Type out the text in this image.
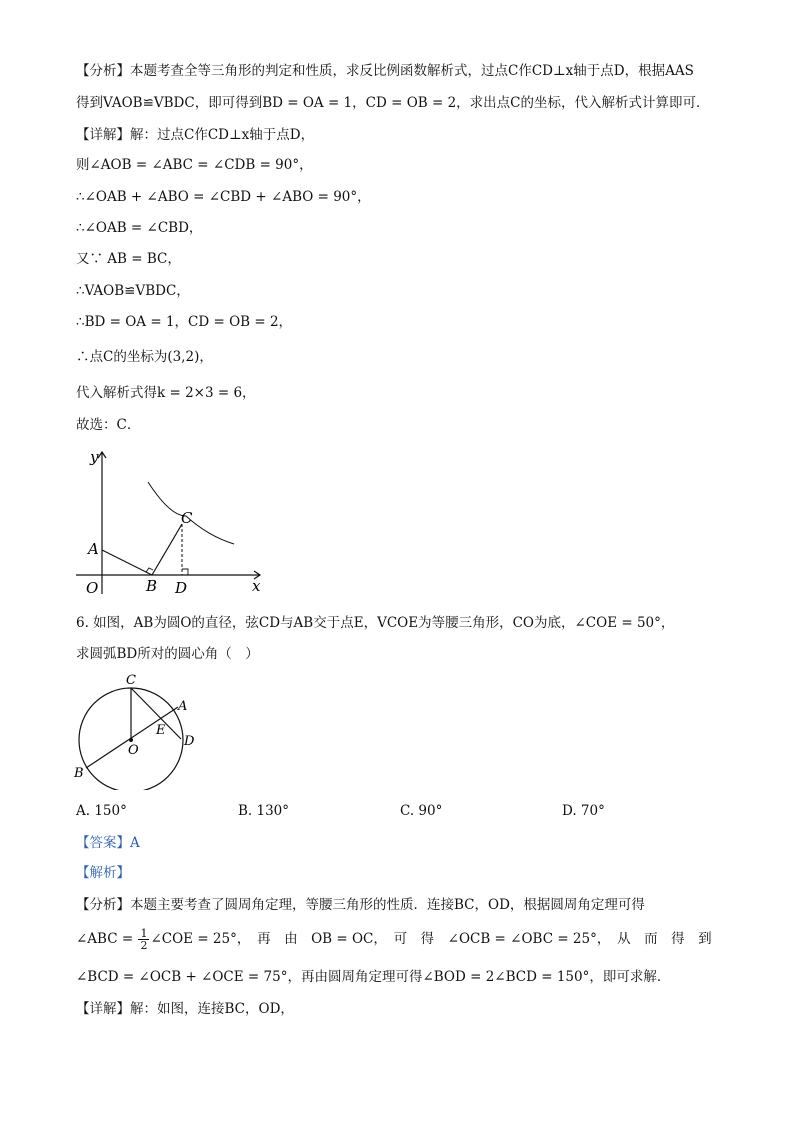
【分析】本题考查全等三角形的判定和性质，求反比例函数解析式，过点C作CD⊥x轴于点D，根据AAS
得到VAOB≌VBDC，即可得到BD = OA = 1，CD = OB = 2，求出点C的坐标，代入解析式计算即可．
【详解】解：过点C作CD⊥x轴于点D，
则∠AOB = ∠ABC = ∠CDB = 90°，
∴∠OAB + ∠ABO = ∠CBD + ∠ABO = 90°，
∴∠OAB = ∠CBD，
又∵ AB = BC，
∴VAOB≌VBDC，
∴BD = OA = 1，CD = OB = 2，
∴点C的坐标为(3,2)，
代入解析式得k = 2×3 = 6，
故选：C．
y
x
O
A
B
C
D
6. 如图，AB为圆O的直径，弦CD与AB交于点E，VCOE为等腰三角形，CO为底，∠COE = 50°，
求圆弧BD所对的圆心角（　）
C
A
E
O
D
B
A. 150°	B. 130°	C. 90°	D. 70°
【答案】A
【解析】
【分析】本题主要考查了圆周角定理，等腰三角形的性质．连接BC，OD，根据圆周角定理可得
∠ABC = $\frac{1}{2}$ ∠COE = 25°，　再　由　OB = OC，　可　得　∠OCB = ∠OBC = 25°，　从　而　得　到
∠BCD = ∠OCB + ∠OCE = 75°，再由圆周角定理可得∠BOD = 2∠BCD = 150°，即可求解．
【详解】解：如图，连接BC，OD，
